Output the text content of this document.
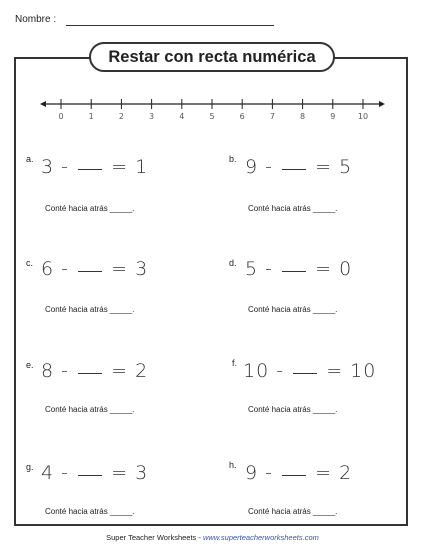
Nombre :
Restar con recta numérica
0	1	2	3	4	5	6	7	8	9	10
a. 3 - = 1
Conté hacia atrás _____.
b. 9 - = 5
Conté hacia atrás _____.
c. 6 - = 3
Conté hacia atrás _____.
d. 5 - = 0
Conté hacia atrás _____.
e. 8 - = 2
Conté hacia atrás _____.
f. 10 - = 10
Conté hacia atrás _____.
g. 4 - = 3
Conté hacia atrás _____.
h. 9 - = 2
Conté hacia atrás _____.
Super Teacher Worksheets - www.superteacherworksheets.com
